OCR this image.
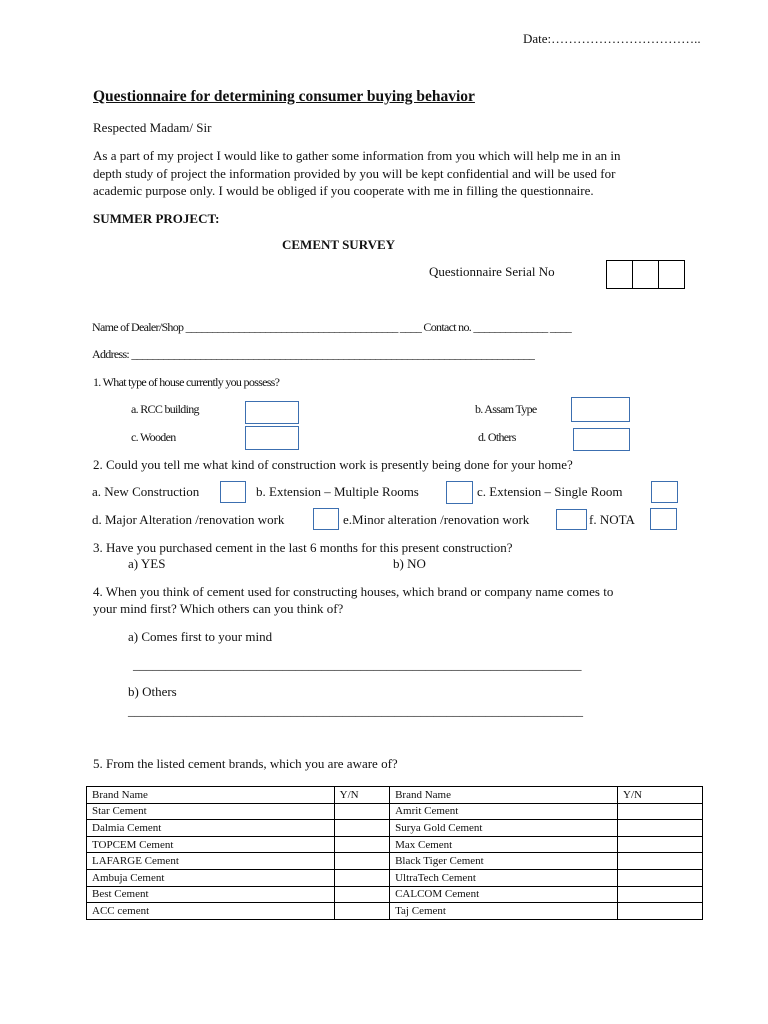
Date:……………………………..
Questionnaire for determining consumer buying behavior
Respected Madam/ Sir
As a part of my project I would like to gather some information from you which will help me in an in
depth study of project the information provided by you will be kept confidential and will be used for
academic purpose only. I would be obliged if you cooperate with me in filling the questionnaire.
SUMMER PROJECT:
CEMENT SURVEY
Questionnaire Serial No
Name of Dealer/Shop ________________________________________ ____ Contact no. ______________ ____
Address: ____________________________________________________________________________
1. What type of house currently you possess?
a. RCC building	b. Assam Type
c. Wooden	d. Others
2. Could you tell me what kind of construction work is presently being done for your home?
a. New Construction	b. Extension – Multiple Rooms	c. Extension – Single Room
d. Major Alteration /renovation work	e.Minor alteration /renovation work	f. NOTA
3. Have you purchased cement in the last 6 months for this present construction?
a) YES	b) NO
4. When you think of cement used for constructing houses, which brand or company name comes to
your mind first? Which others can you think of?
a) Comes first to your mind
_____________________________________________________________________
b) Others
______________________________________________________________________
5. From the listed cement brands, which you are aware of?
Brand Name	Y/N	Brand Name	Y/N
Star Cement		Amrit Cement	
Dalmia Cement		Surya Gold Cement	
TOPCEM Cement		Max Cement	
LAFARGE Cement		Black Tiger Cement	
Ambuja Cement		UltraTech Cement	
Best Cement		CALCOM Cement	
ACC cement		Taj Cement	
